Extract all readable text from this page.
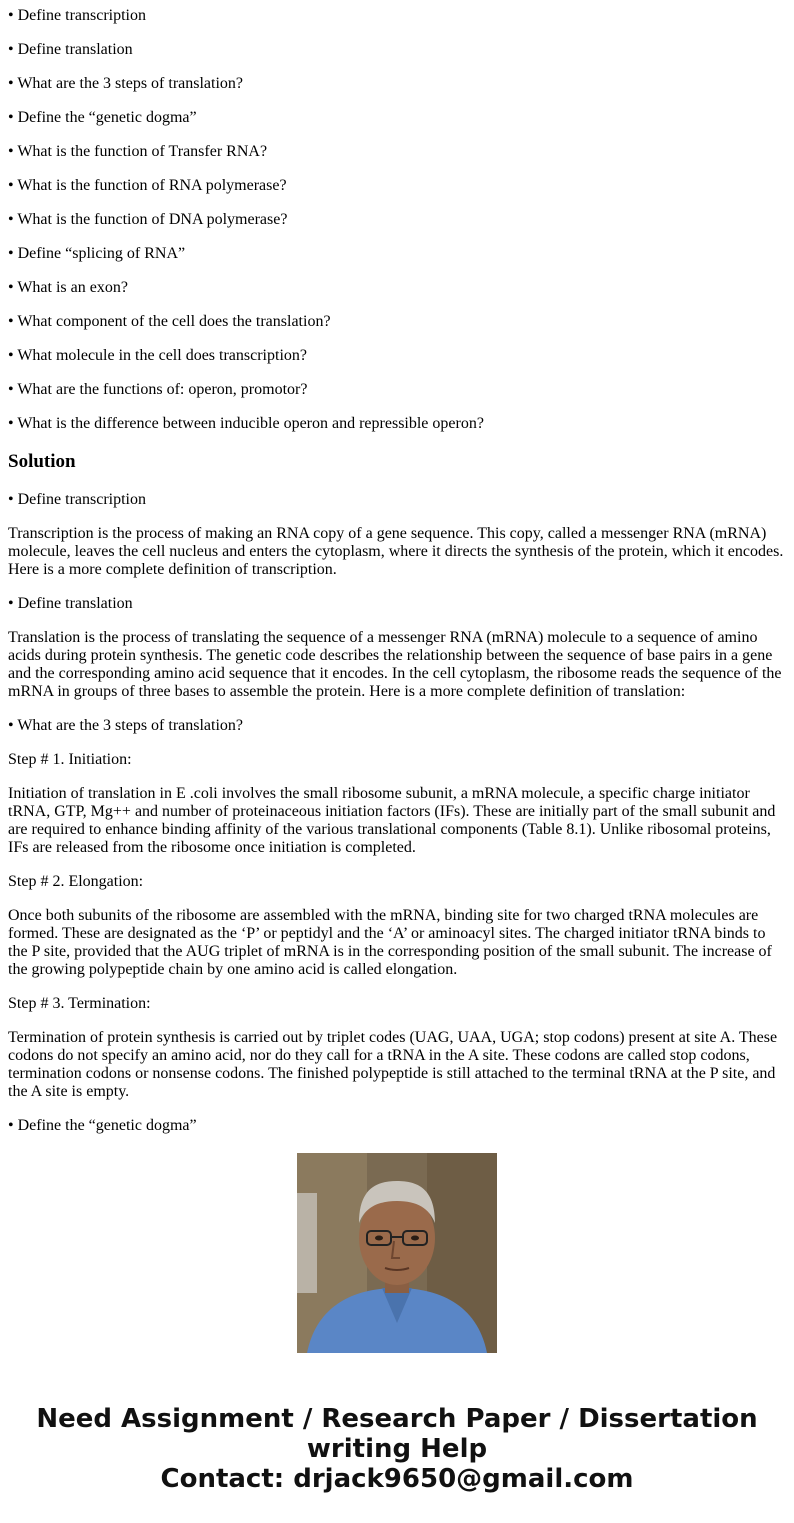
• Define transcription

• Define translation

• What are the 3 steps of translation?

• Define the “genetic dogma”

• What is the function of Transfer RNA?

• What is the function of RNA polymerase?

• What is the function of DNA polymerase?

• Define “splicing of RNA”

• What is an exon?

• What component of the cell does the translation?

• What molecule in the cell does transcription?

• What are the functions of: operon, promotor?

• What is the difference between inducible operon and repressible operon?

Solution

• Define transcription

Transcription is the process of making an RNA copy of a gene sequence. This copy, called a messenger RNA (mRNA) molecule, leaves the cell nucleus and enters the cytoplasm, where it directs the synthesis of the protein, which it encodes. Here is a more complete definition of transcription.

• Define translation

Translation is the process of translating the sequence of a messenger RNA (mRNA) molecule to a sequence of amino acids during protein synthesis. The genetic code describes the relationship between the sequence of base pairs in a gene and the corresponding amino acid sequence that it encodes. In the cell cytoplasm, the ribosome reads the sequence of the mRNA in groups of three bases to assemble the protein. Here is a more complete definition of translation:

• What are the 3 steps of translation?

Step # 1. Initiation:

Initiation of translation in E .coli involves the small ribosome subunit, a mRNA molecule, a specific charge initiator tRNA, GTP, Mg++ and number of proteinaceous initiation factors (IFs). These are initially part of the small subunit and are required to enhance binding affinity of the various translational components (Table 8.1). Unlike ribosomal proteins, IFs are released from the ribosome once initiation is completed.

Step # 2. Elongation:

Once both subunits of the ribosome are assembled with the mRNA, binding site for two charged tRNA molecules are formed. These are designated as the ‘P’ or peptidyl and the ‘A’ or aminoacyl sites. The charged initiator tRNA binds to the P site, provided that the AUG triplet of mRNA is in the corresponding position of the small subunit. The increase of the growing polypeptide chain by one amino acid is called elongation.

Step # 3. Termination:

Termination of protein synthesis is carried out by triplet codes (UAG, UAA, UGA; stop codons) present at site A. These codons do not specify an amino acid, nor do they call for a tRNA in the A site. These codons are called stop codons, termination codons or nonsense codons. The finished polypeptide is still attached to the terminal tRNA at the P site, and the A site is empty.

• Define the “genetic dogma”

Need Assignment / Research Paper / Dissertation
writing Help
Contact: drjack9650@gmail.com
